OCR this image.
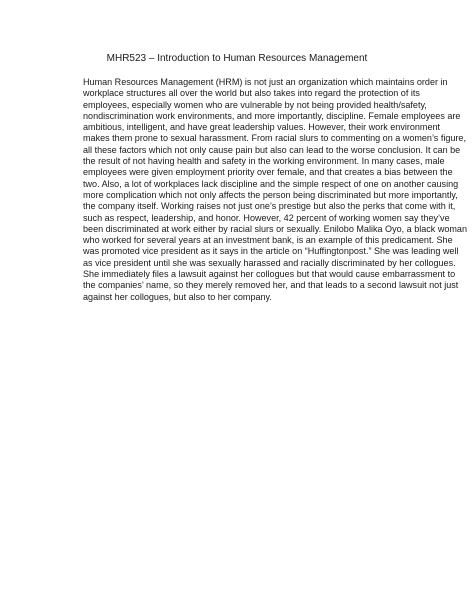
MHR523 – Introduction to Human Resources Management
Human Resources Management (HRM) is not just an organization which maintains order in
workplace structures all over the world but also takes into regard the protection of its
employees, especially women who are vulnerable by not being provided health/safety,
nondiscrimination work environments, and more importantly, discipline. Female employees are
ambitious, intelligent, and have great leadership values. However, their work environment
makes them prone to sexual harassment. From racial slurs to commenting on a women’s figure,
all these factors which not only cause pain but also can lead to the worse conclusion. It can be
the result of not having health and safety in the working environment. In many cases, male
employees were given employment priority over female, and that creates a bias between the
two. Also, a lot of workplaces lack discipline and the simple respect of one on another causing
more complication which not only affects the person being discriminated but more importantly,
the company itself. Working raises not just one’s prestige but also the perks that come with it,
such as respect, leadership, and honor. However, 42 percent of working women say they’ve
been discriminated at work either by racial slurs or sexually. Enilobo Malika Oyo, a black woman
who worked for several years at an investment bank, is an example of this predicament. She
was promoted vice president as it says in the article on “Huffingtonpost.” She was leading well
as vice president until she was sexually harassed and racially discriminated by her collogues.
She immediately files a lawsuit against her collogues but that would cause embarrassment to
the companies’ name, so they merely removed her, and that leads to a second lawsuit not just
against her collogues, but also to her company.
